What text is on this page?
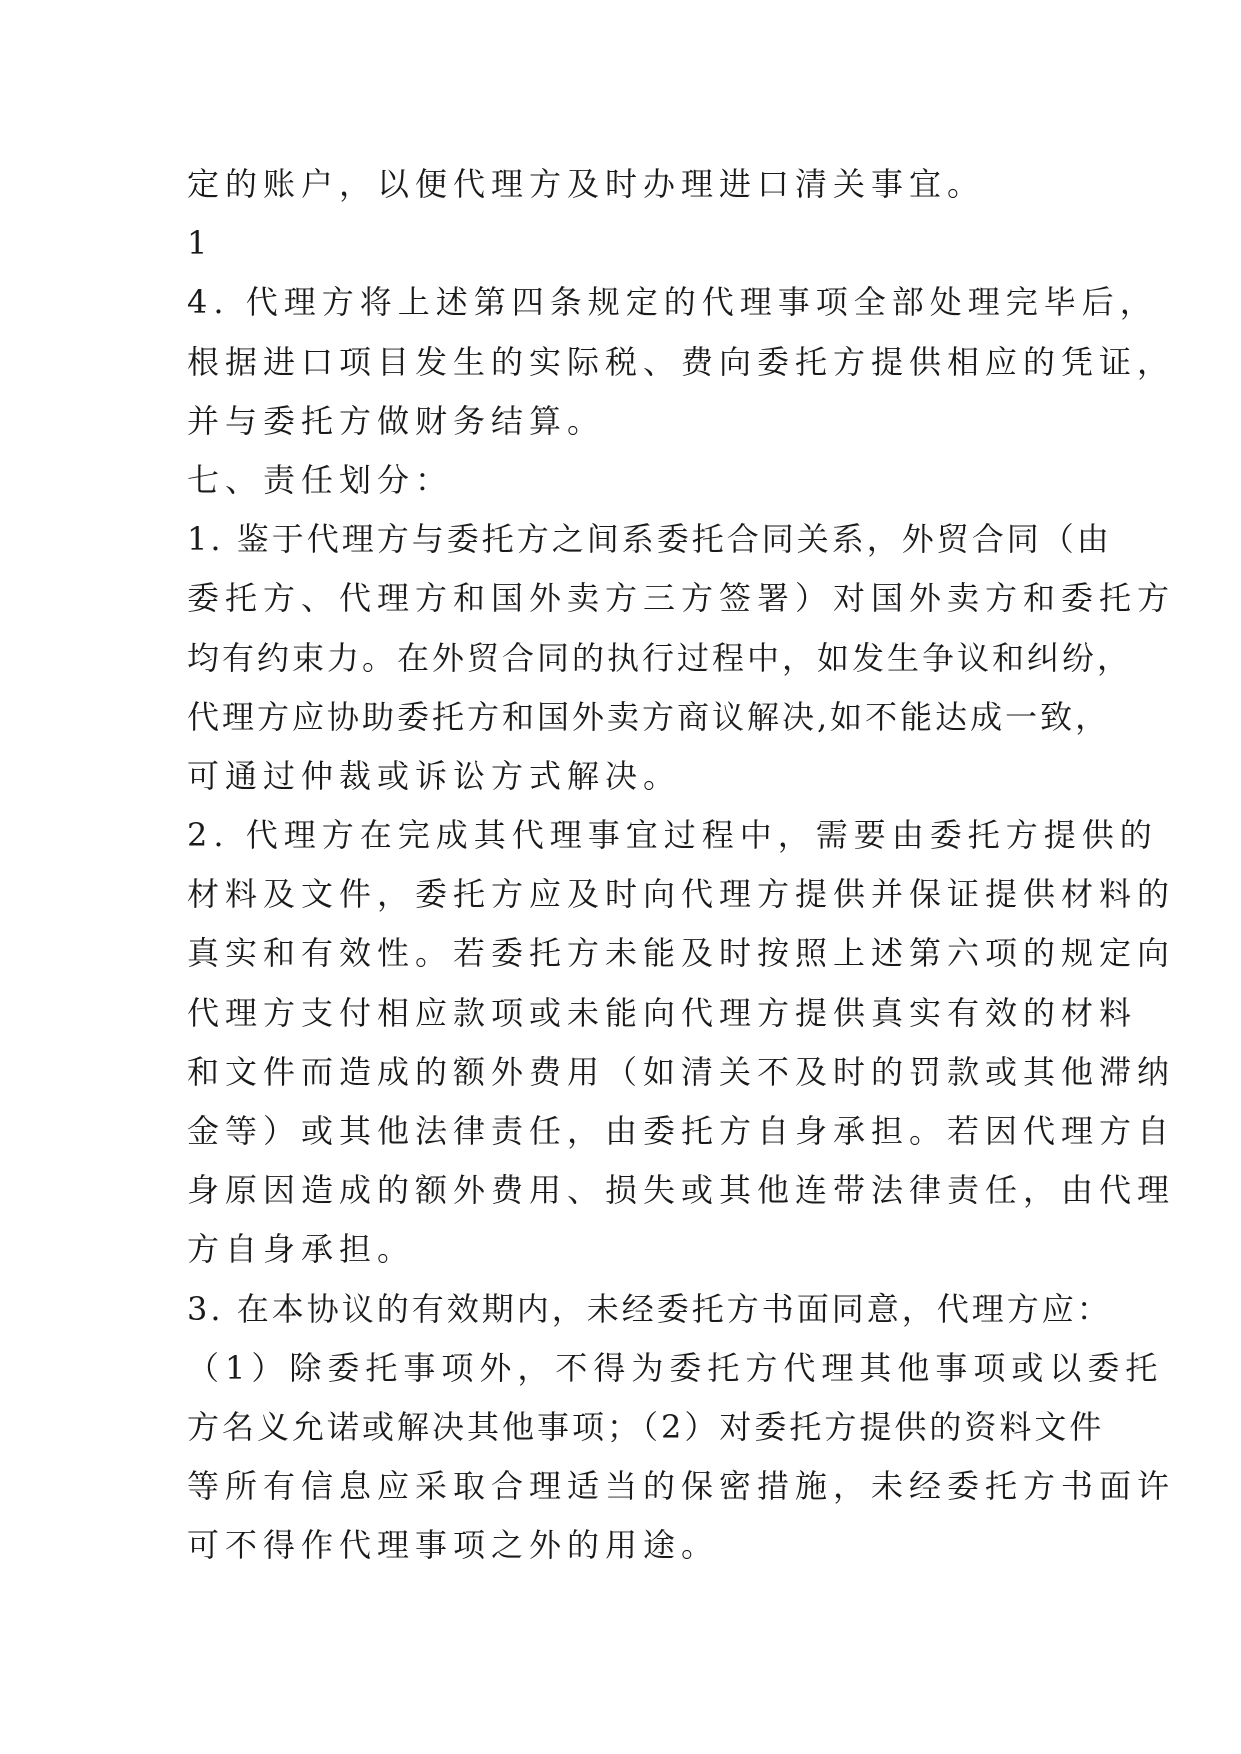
定的账户，以便代理方及时办理进口清关事宜。
1
4. 代理方将上述第四条规定的代理事项全部处理完毕后，
根据进口项目发生的实际税、费向委托方提供相应的凭证，
并与委托方做财务结算。
七、责任划分：
1. 鉴于代理方与委托方之间系委托合同关系，外贸合同（由
委托方、代理方和国外卖方三方签署）对国外卖方和委托方
均有约束力。在外贸合同的执行过程中，如发生争议和纠纷，
代理方应协助委托方和国外卖方商议解决,如不能达成一致，
可通过仲裁或诉讼方式解决。
2. 代理方在完成其代理事宜过程中，需要由委托方提供的
材料及文件，委托方应及时向代理方提供并保证提供材料的
真实和有效性。若委托方未能及时按照上述第六项的规定向
代理方支付相应款项或未能向代理方提供真实有效的材料
和文件而造成的额外费用（如清关不及时的罚款或其他滞纳
金等）或其他法律责任，由委托方自身承担。若因代理方自
身原因造成的额外费用、损失或其他连带法律责任，由代理
方自身承担。
3. 在本协议的有效期内，未经委托方书面同意，代理方应：
（1）除委托事项外，不得为委托方代理其他事项或以委托
方名义允诺或解决其他事项；（2）对委托方提供的资料文件
等所有信息应采取合理适当的保密措施，未经委托方书面许
可不得作代理事项之外的用途。
